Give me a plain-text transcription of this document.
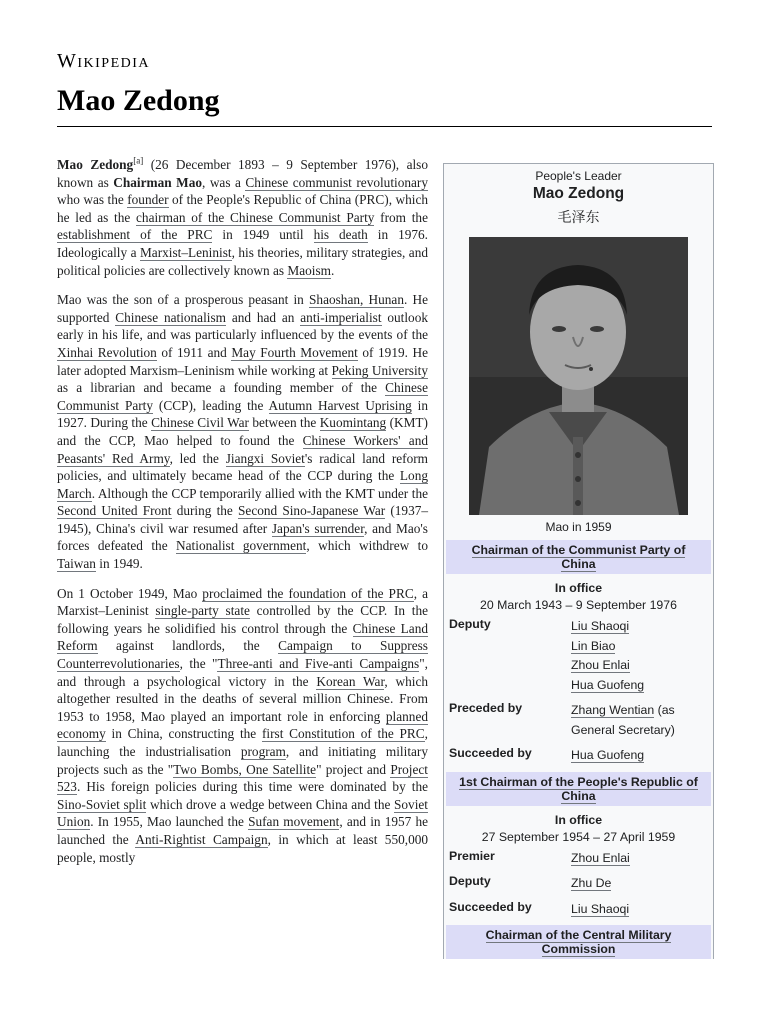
Wikipedia
Mao Zedong

Mao Zedong[a] (26 December 1893 – 9 September 1976), also known as Chairman Mao, was a Chinese communist revolutionary who was the founder of the People's Republic of China (PRC), which he led as the chairman of the Chinese Communist Party from the establishment of the PRC in 1949 until his death in 1976. Ideologically a Marxist–Leninist, his theories, military strategies, and political policies are collectively known as Maoism.

Mao was the son of a prosperous peasant in Shaoshan, Hunan. He supported Chinese nationalism and had an anti-imperialist outlook early in his life, and was particularly influenced by the events of the Xinhai Revolution of 1911 and May Fourth Movement of 1919. He later adopted Marxism–Leninism while working at Peking University as a librarian and became a founding member of the Chinese Communist Party (CCP), leading the Autumn Harvest Uprising in 1927. During the Chinese Civil War between the Kuomintang (KMT) and the CCP, Mao helped to found the Chinese Workers' and Peasants' Red Army, led the Jiangxi Soviet's radical land reform policies, and ultimately became head of the CCP during the Long March. Although the CCP temporarily allied with the KMT under the Second United Front during the Second Sino-Japanese War (1937–1945), China's civil war resumed after Japan's surrender, and Mao's forces defeated the Nationalist government, which withdrew to Taiwan in 1949.

On 1 October 1949, Mao proclaimed the foundation of the PRC, a Marxist–Leninist single-party state controlled by the CCP. In the following years he solidified his control through the Chinese Land Reform against landlords, the Campaign to Suppress Counterrevolutionaries, the "Three-anti and Five-anti Campaigns", and through a psychological victory in the Korean War, which altogether resulted in the deaths of several million Chinese. From 1953 to 1958, Mao played an important role in enforcing planned economy in China, constructing the first Constitution of the PRC, launching the industrialisation program, and initiating military projects such as the "Two Bombs, One Satellite" project and Project 523. His foreign policies during this time were dominated by the Sino-Soviet split which drove a wedge between China and the Soviet Union. In 1955, Mao launched the Sufan movement, and in 1957 he launched the Anti-Rightist Campaign, in which at least 550,000 people, mostly

People's Leader
Mao Zedong
毛泽东
Mao in 1959
Chairman of the Communist Party of China
In office
20 March 1943 – 9 September 1976
Deputy	Liu Shaoqi
Lin Biao
Zhou Enlai
Hua Guofeng
Preceded by	Zhang Wentian (as General Secretary)
Succeeded by	Hua Guofeng
1st Chairman of the People's Republic of China
In office
27 September 1954 – 27 April 1959
Premier	Zhou Enlai
Deputy	Zhu De
Succeeded by	Liu Shaoqi
Chairman of the Central Military Commission
